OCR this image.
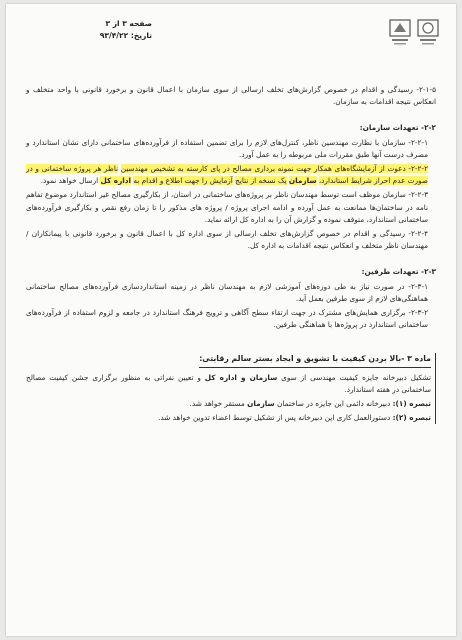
صفحه ۳ از ۳
تاریخ: ۹۳/۴/۲۲

۲-۱-۵- رسیدگی و اقدام در خصوص گزارش‌های تخلف ارسالی از سوی سازمان با اعمال قانون و برخورد قانونی با واحد متخلف و انعکاس نتیجه اقدامات به سازمان.

۲-۲- تعهدات سازمان:

۲-۲-۱- سازمان با نظارت مهندسین ناظر، کنترل‌های لازم را برای تضمین استفاده از فرآورده‌های ساختمانی دارای نشان استاندارد و مصرف درست آنها طبق مقررات ملی مربوطه را به عمل آورد.

۲-۲-۲- دعوت از آزمایشگاه‌های همکار جهت نمونه برداری مصالح در پای کارسته به تشخیص مهندسین ناظر هر پروژه ساختمانی و در صورت عدم احراز شرایط استاندارد، سازمان یک نسخه از نتایج آزمایش را جهت اطلاع و اقدام به اداره کل ارسال خواهد نمود.

۲-۲-۳- سازمان موظف است توسط مهندسان ناظر بر پروژه‌های ساختمانی در استان، از بکارگیری مصالح غیر استاندارد موضوع تفاهم نامه در ساختمان‌ها ممانعت به عمل آورده و ادامه اجرای پروژه / پروژه های مذکور را تا زمان رفع نقص و بکارگیری فرآورده‌های ساختمانی استاندارد، متوقف نموده و گزارش آن را به اداره کل ارائه نماید.

۲-۲-۴- رسیدگی و اقدام در خصوص گزارش‌های تخلف ارسالی از سوی اداره کل با اعمال قانون و برخورد قانونی با پیمانکاران / مهندسان ناظر متخلف و انعکاس نتیجه اقدامات به اداره کل.

۲-۳- تعهدات طرفین:

۲-۳-۱- در صورت نیاز به طی دوره‌های آموزشی لازم به مهندسان ناظر در زمینه استانداردسازی فرآورده‌های مصالح ساختمانی هماهنگی‌های لازم از سوی طرفین بعمل آید.

۲-۳-۲- برگزاری همایش‌های مشترک در جهت ارتقاء سطح آگاهی و ترویج فرهنگ استاندارد در جامعه و لزوم استفاده از فرآورده‌های ساختمانی استاندارد در پروژه‌ها با هماهنگی طرفین.

ماده ۳ -بالا بردن کیفیت با تشویق و ایجاد بستر سالم رقابتی:

تشکیل دبیرخانه جایزه کیفیت مهندسی از سوی سازمان و اداره کل و تعیین نفراتی به منظور برگزاری جشن کیفیت مصالح ساختمانی در هفته استاندارد.

تبصره (۱): دبیرخانه دائمی این جایزه در ساختمان سازمان مستقر خواهد شد.

تبصره (۲): دستورالعمل کاری این دبیرخانه پس از تشکیل توسط اعضاء تدوین خواهد شد.
